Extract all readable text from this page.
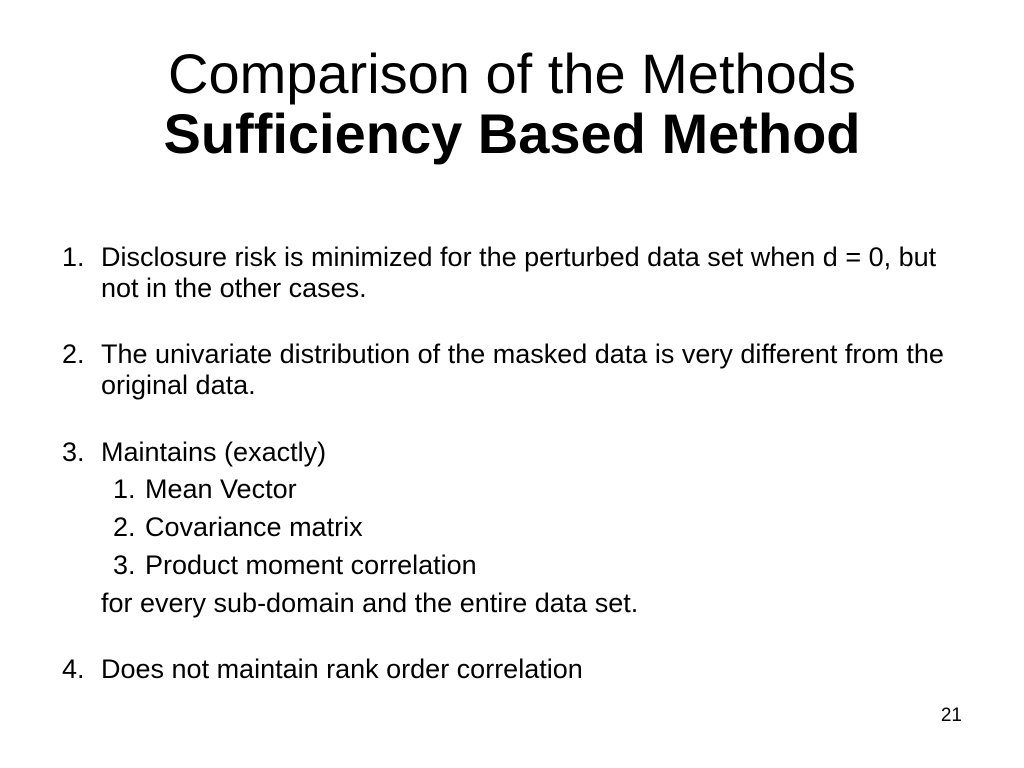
Comparison of the Methods

Sufficiency Based Method

1. Disclosure risk is minimized for the perturbed data set when d = 0, but not in the other cases.
2. The univariate distribution of the masked data is very different from the original data.
3. Maintains (exactly)
1. Mean Vector
2. Covariance matrix
3. Product moment correlation
for every sub-domain and the entire data set.
4. Does not maintain rank order correlation
21
